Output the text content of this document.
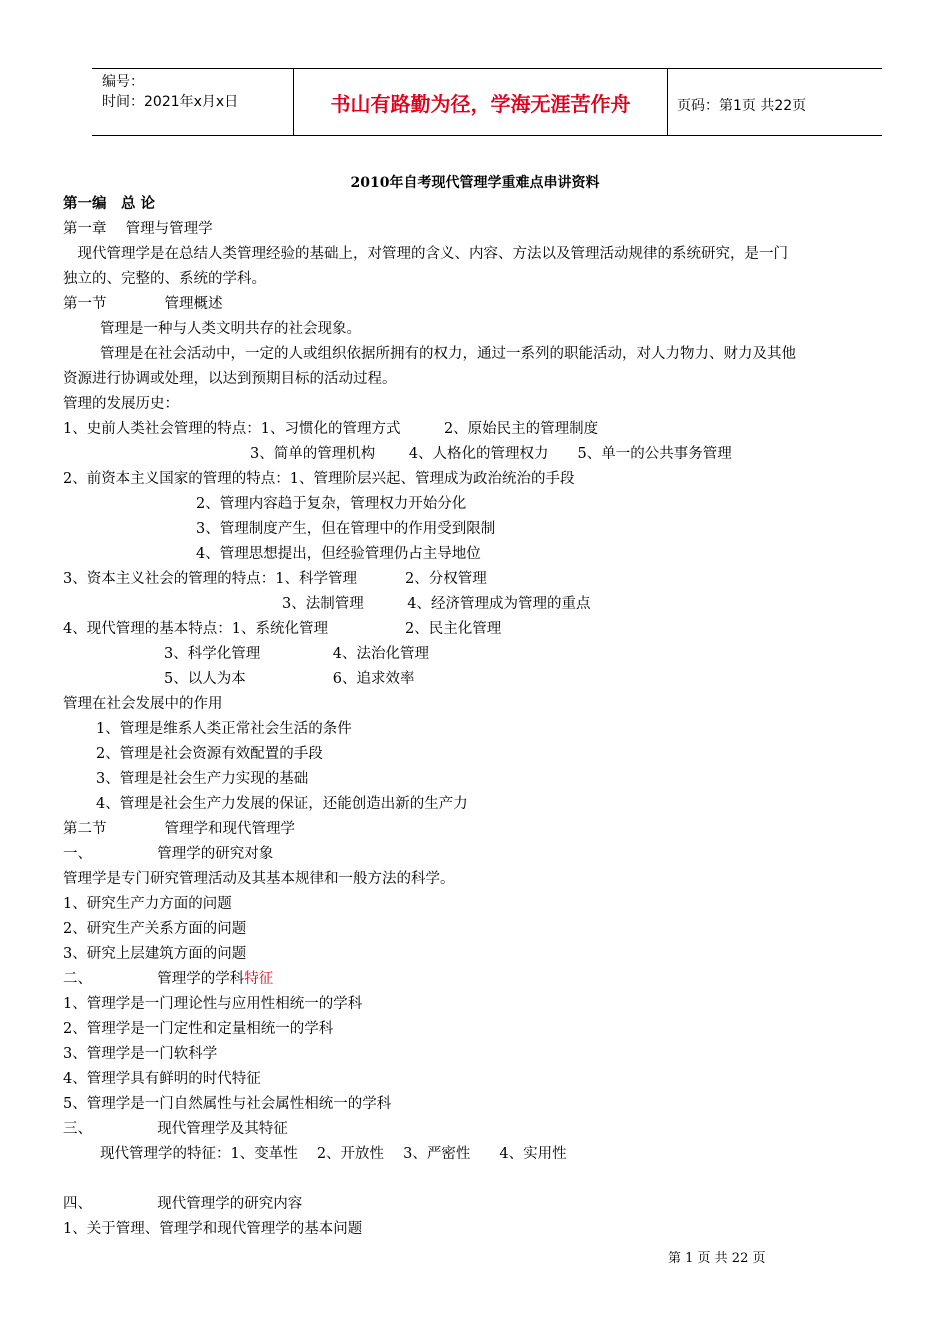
编号：
时间：2021年x月x日	书山有路勤为径，学海无涯苦作舟	页码：第1页 共22页
2010年自考现代管理学重难点串讲资料
第一编　总 论
第一章　 管理与管理学
　现代管理学是在总结人类管理经验的基础上，对管理的含义、内容、方法以及管理活动规律的系统研究，是一门
独立的、完整的、系统的学科。
第一节　　　　管理概述
管理是一种与人类文明共存的社会现象。
管理是在社会活动中，一定的人或组织依据所拥有的权力，通过一系列的职能活动，对人力物力、财力及其他
资源进行协调或处理，以达到预期目标的活动过程。
管理的发展历史：
1、史前人类社会管理的特点：1、习惯化的管理方式　　　2、原始民主的管理制度
3、简单的管理机构　　 4、人格化的管理权力　　5、单一的公共事务管理
2、前资本主义国家的管理的特点：1、管理阶层兴起、管理成为政治统治的手段
2、管理内容趋于复杂，管理权力开始分化
3、管理制度产生，但在管理中的作用受到限制
4、管理思想提出，但经验管理仍占主导地位
3、资本主义社会的管理的特点：1、科学管理　　　 2、分权管理
3、法制管理　　　4、经济管理成为管理的重点
4、现代管理的基本特点：1、系统化管理　　　　　 2、民主化管理
3、科学化管理　　　　　4、法治化管理
5、以人为本　　　　　　6、追求效率
管理在社会发展中的作用
1、管理是维系人类正常社会生活的条件
2、管理是社会资源有效配置的手段
3、管理是社会生产力实现的基础
4、管理是社会生产力发展的保证，还能创造出新的生产力
第二节　　　　管理学和现代管理学
一、　　　　　管理学的研究对象
管理学是专门研究管理活动及其基本规律和一般方法的科学。
1、研究生产力方面的问题
2、研究生产关系方面的问题
3、研究上层建筑方面的问题
二、　　　　　管理学的学科特征
1、管理学是一门理论性与应用性相统一的学科
2、管理学是一门定性和定量相统一的学科
3、管理学是一门软科学
4、管理学具有鲜明的时代特征
5、管理学是一门自然属性与社会属性相统一的学科
三、　　　　　现代管理学及其特征
现代管理学的特征：1、变革性　 2、开放性　 3、严密性　　4、实用性
四、　　　　　现代管理学的研究内容
1、关于管理、管理学和现代管理学的基本问题
第 1 页 共 22 页
